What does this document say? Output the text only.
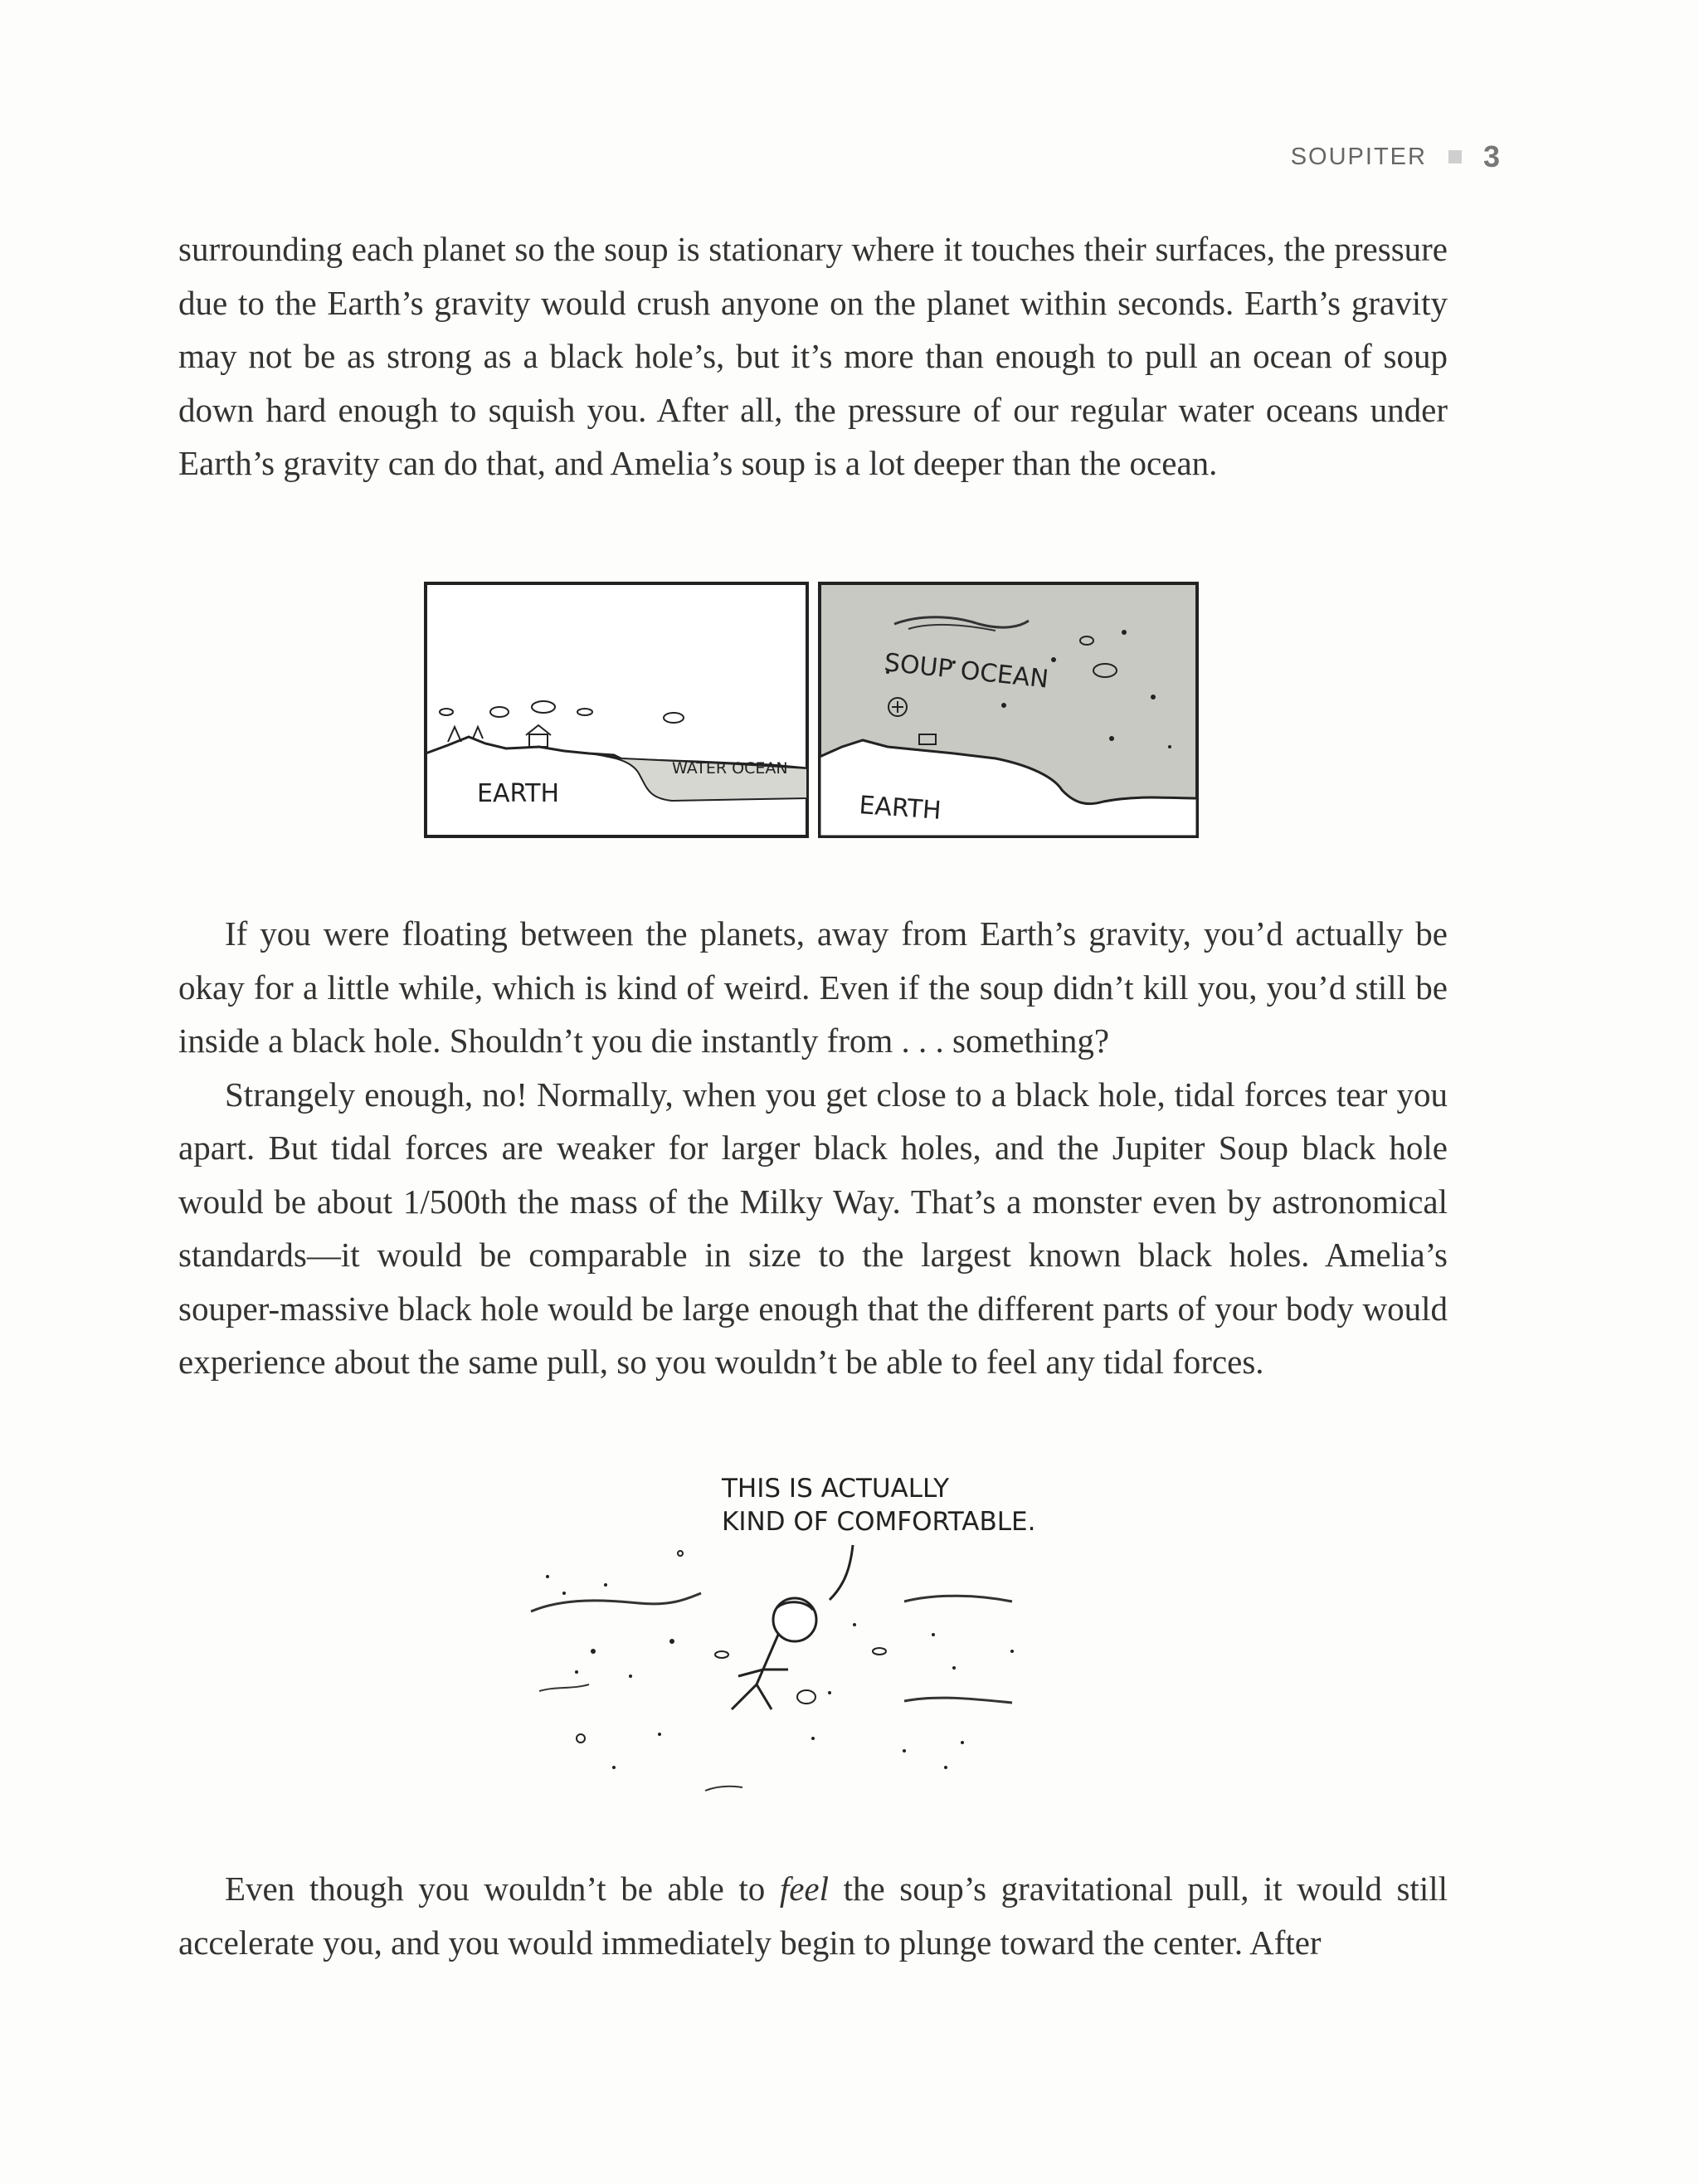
SOUPITER 3

surrounding each planet so the soup is stationary where it touches their surfaces, the pressure due to the Earth’s gravity would crush anyone on the planet within seconds. Earth’s gravity may not be as strong as a black hole’s, but it’s more than enough to pull an ocean of soup down hard enough to squish you. After all, the pressure of our regular water oceans under Earth’s gravity can do that, and Amelia’s soup is a lot deeper than the ocean.

EARTH
WATER OCEAN
SOUP OCEAN
EARTH

If you were floating between the planets, away from Earth’s gravity, you’d actually be okay for a little while, which is kind of weird. Even if the soup didn’t kill you, you’d still be inside a black hole. Shouldn’t you die instantly from . . . something?

Strangely enough, no! Normally, when you get close to a black hole, tidal forces tear you apart. But tidal forces are weaker for larger black holes, and the Jupiter Soup black hole would be about 1/500th the mass of the Milky Way. That’s a monster even by astronomical standards—it would be comparable in size to the largest known black holes. Amelia’s souper-massive black hole would be large enough that the different parts of your body would experience about the same pull, so you wouldn’t be able to feel any tidal forces.

THIS IS ACTUALLY
KIND OF COMFORTABLE.

Even though you wouldn’t be able to feel the soup’s gravitational pull, it would still accelerate you, and you would immediately begin to plunge toward the center. After
